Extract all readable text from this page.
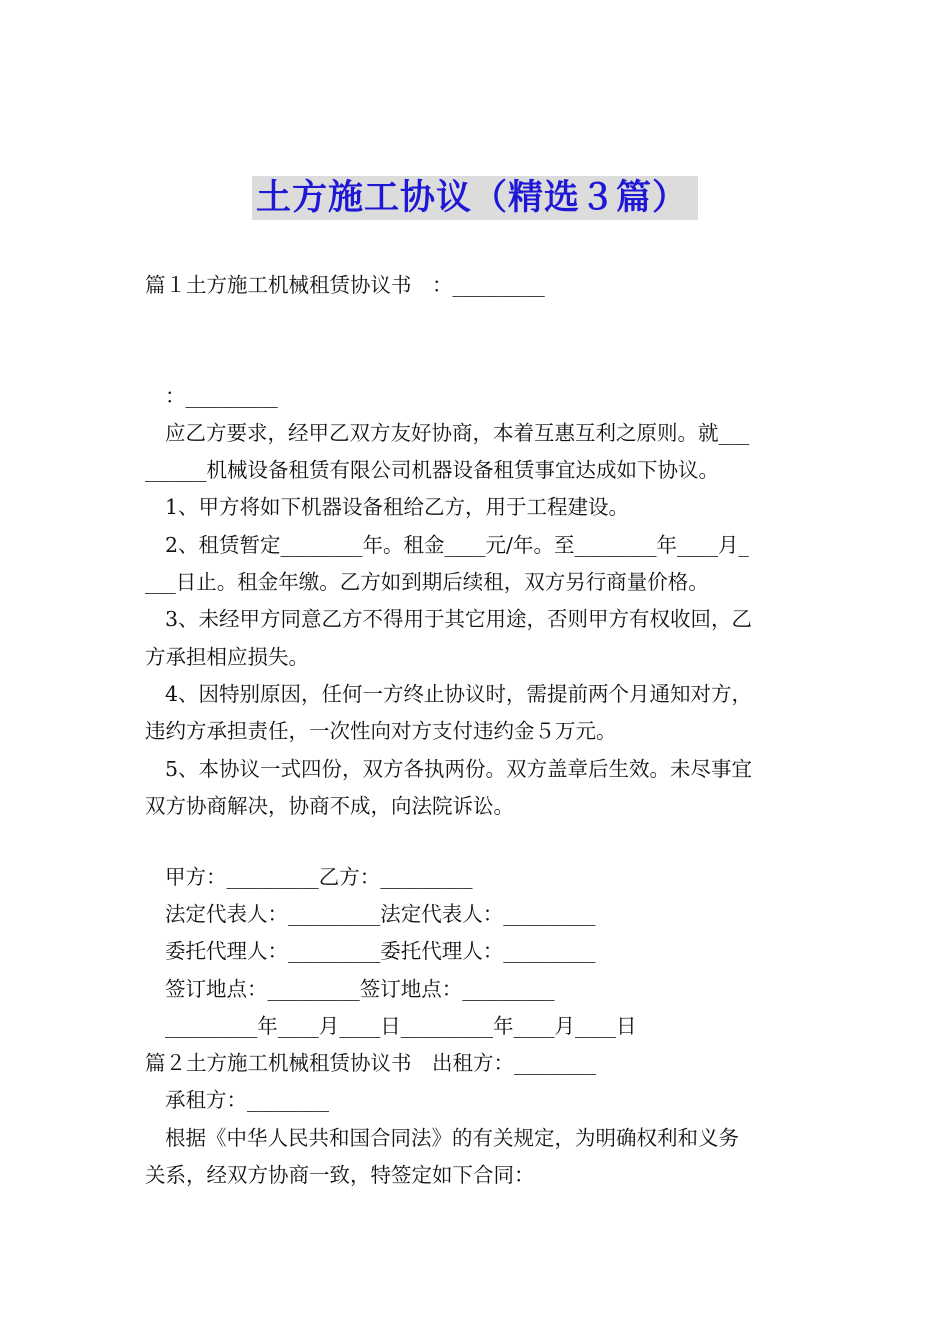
土方施工协议（精选３篇）
篇１土方施工机械租赁协议书　：_________
：_________
应乙方要求，经甲乙双方友好协商，本着互惠互利之原则。就___
______机械设备租赁有限公司机器设备租赁事宜达成如下协议。
1、甲方将如下机器设备租给乙方，用于工程建设。
2、租赁暂定________年。租金____元/年。至________年____月_
___日止。租金年缴。乙方如到期后续租，双方另行商量价格。
3、未经甲方同意乙方不得用于其它用途，否则甲方有权收回，乙
方承担相应损失。
4、因特别原因，任何一方终止协议时，需提前两个月通知对方，
违约方承担责任，一次性向对方支付违约金５万元。
5、本协议一式四份，双方各执两份。双方盖章后生效。未尽事宜
双方协商解决，协商不成，向法院诉讼。
甲方：_________乙方：_________
法定代表人：_________法定代表人：_________
委托代理人：_________委托代理人：_________
签订地点：_________签订地点：_________
_________年____月____日_________年____月____日
篇２土方施工机械租赁协议书　出租方：________
承租方：________
根据《中华人民共和国合同法》的有关规定，为明确权利和义务
关系，经双方协商一致，特签定如下合同：
